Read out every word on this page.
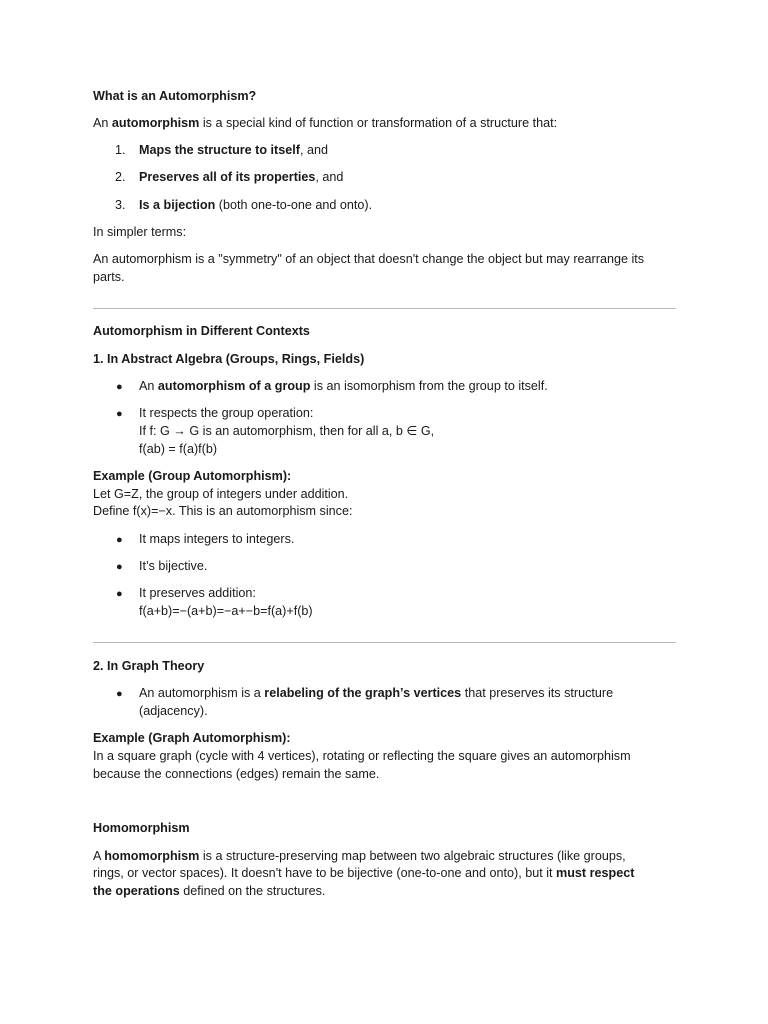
What is an Automorphism?

An automorphism is a special kind of function or transformation of a structure that:

1. Maps the structure to itself, and

2. Preserves all of its properties, and

3. Is a bijection (both one-to-one and onto).

In simpler terms:

An automorphism is a "symmetry" of an object that doesn't change the object but may rearrange its

parts.

Automorphism in Different Contexts

1. In Abstract Algebra (Groups, Rings, Fields)

● An automorphism of a group is an isomorphism from the group to itself.

● It respects the group operation:

If f: G → G is an automorphism, then for all a, b ∈ G,

f(ab) = f(a)f(b)

Example (Group Automorphism):

Let G=Z, the group of integers under addition.

Define f(x)=−x. This is an automorphism since:

● It maps integers to integers.

● It’s bijective.

● It preserves addition:

f(a+b)=−(a+b)=−a+−b=f(a)+f(b)

2. In Graph Theory

● An automorphism is a relabeling of the graph’s vertices that preserves its structure

(adjacency).

Example (Graph Automorphism):

In a square graph (cycle with 4 vertices), rotating or reflecting the square gives an automorphism

because the connections (edges) remain the same.

Homomorphism

A homomorphism is a structure-preserving map between two algebraic structures (like groups,

rings, or vector spaces). It doesn't have to be bijective (one-to-one and onto), but it must respect

the operations defined on the structures.
